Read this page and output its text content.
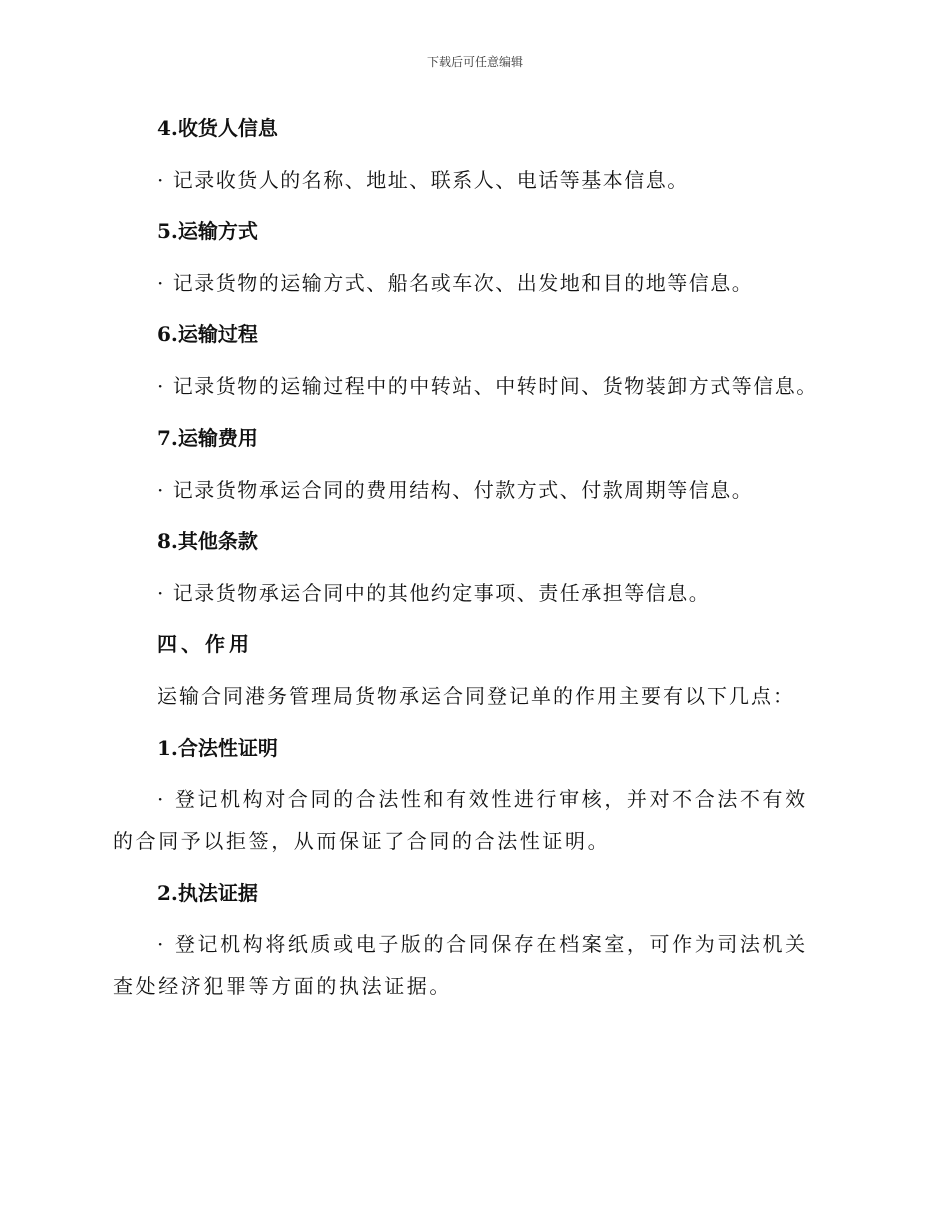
下载后可任意编辑
4.收货人信息
· 记录收货人的名称、地址、联系人、电话等基本信息。
5.运输方式
· 记录货物的运输方式、船名或车次、出发地和目的地等信息。
6.运输过程
· 记录货物的运输过程中的中转站、中转时间、货物装卸方式等信息。
7.运输费用
· 记录货物承运合同的费用结构、付款方式、付款周期等信息。
8.其他条款
· 记录货物承运合同中的其他约定事项、责任承担等信息。
四、作用
运输合同港务管理局货物承运合同登记单的作用主要有以下几点：
1.合法性证明
· 登记机构对合同的合法性和有效性进行审核，并对不合法不有效的合同予以拒签，从而保证了合同的合法性证明。
2.执法证据
· 登记机构将纸质或电子版的合同保存在档案室，可作为司法机关查处经济犯罪等方面的执法证据。
